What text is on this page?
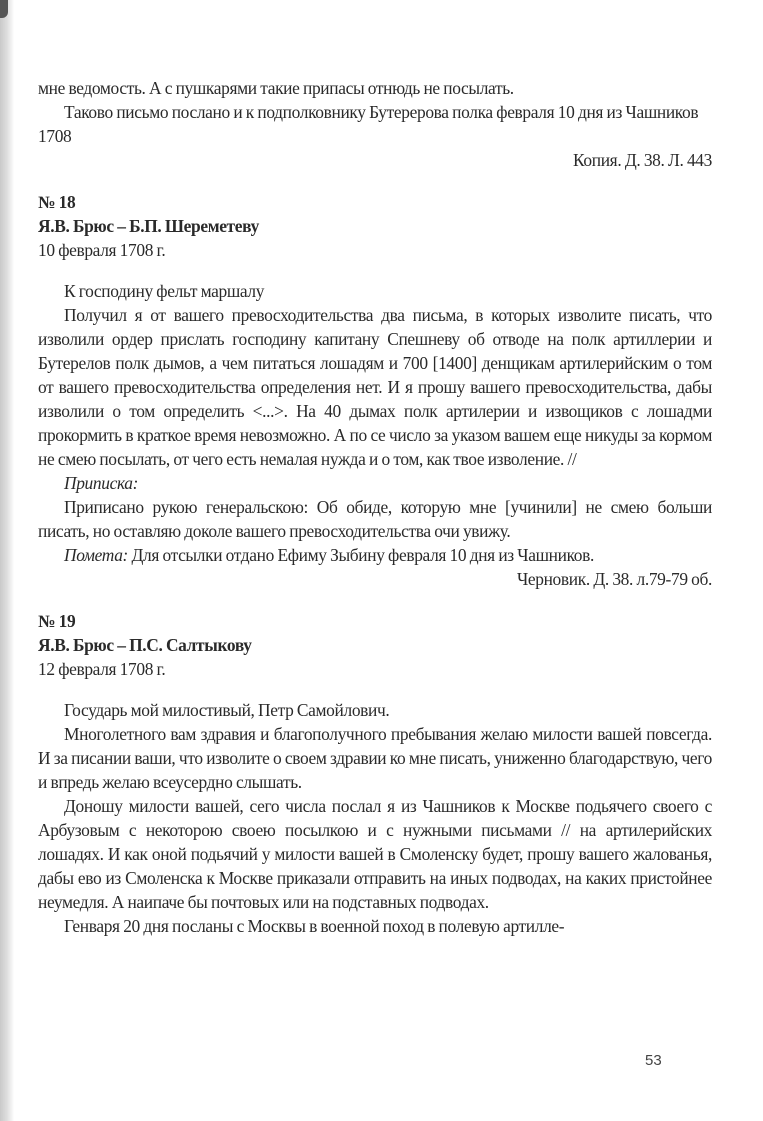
мне ведомость. А с пушкарями такие припасы отнюдь не посылать.

Таково письмо послано и к подполковнику Бутерерова полка февраля 10 дня из Чашников 1708

Копия. Д. 38. Л. 443

№ 18

Я.В. Брюс – Б.П. Шереметеву

10 февраля 1708 г.

К господину фельт маршалу

Получил я от вашего превосходительства два письма, в которых изволите писать, что изволили ордер прислать господину капитану Спешневу об отводе на полк артиллерии и Бутерелов полк дымов, а чем питаться лошадям и 700 [1400] денщикам артилерийским о том от вашего превосходительства определения нет. И я прошу вашего превосходительства, дабы изволили о том определить <...>. На 40 дымах полк артилерии и извощиков с лошадми прокормить в краткое время невозможно. А по се число за указом вашем еще никуды за кормом не смею посылать, от чего есть немалая нужда и о том, как твое изволение. //

Приписка:

Приписано рукою генеральскою: Об обиде, которую мне [учинили] не смею больши писать, но оставляю доколе вашего превосходительства очи увижу.

Помета: Для отсылки отдано Ефиму Зыбину февраля 10 дня из Чашников.

Черновик. Д. 38. л.79-79 об.

№ 19

Я.В. Брюс – П.С. Салтыкову

12 февраля 1708 г.

Государь мой милостивый, Петр Самойлович.

Многолетного вам здравия и благополучного пребывания желаю милости вашей повсегда. И за писании ваши, что изволите о своем здравии ко мне писать, униженно благодарствую, чего и впредь желаю всеусердно слышать.

Доношу милости вашей, сего числа послал я из Чашников к Москве подьячего своего с Арбузовым с некоторою своею посылкою и с нужными письмами // на артилерийских лошадях. И как оной подьячий у милости вашей в Смоленску будет, прошу вашего жалованья, дабы ево из Смоленска к Москве приказали отправить на иных подводах, на каких пристойнее неумедля. А наипаче бы почтовых или на подставных подводах.

Генваря 20 дня посланы с Москвы в военной поход в полевую артилле-

53
